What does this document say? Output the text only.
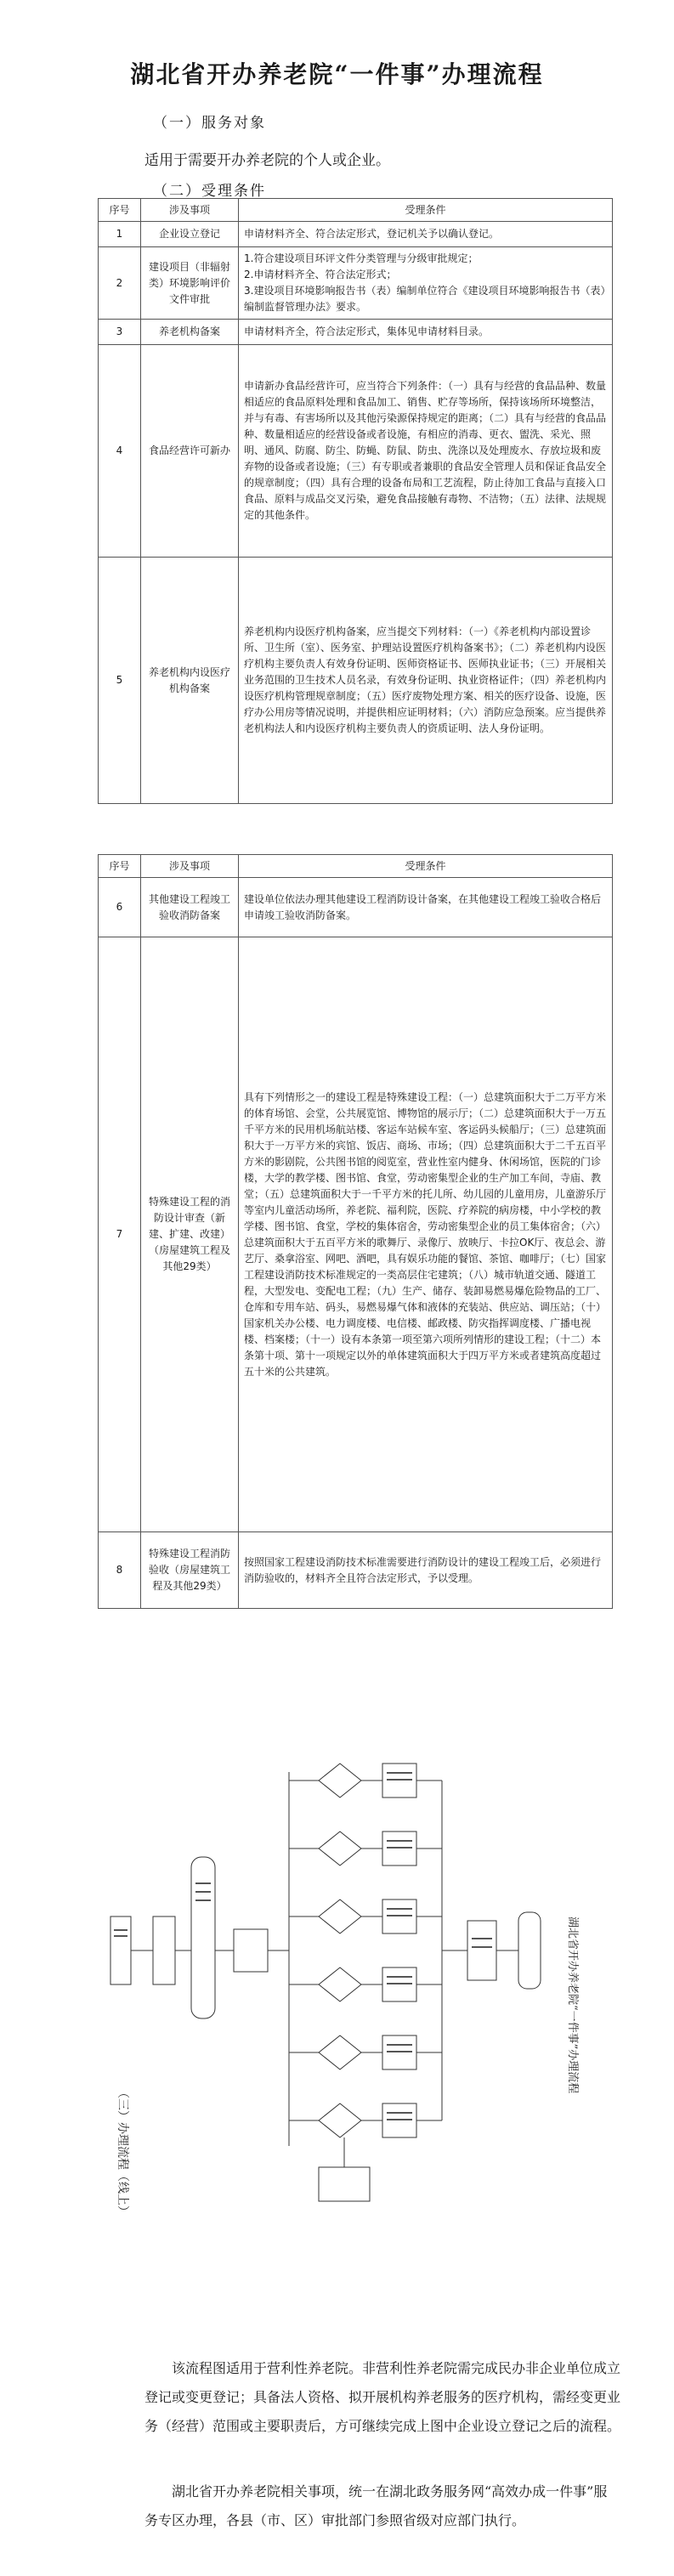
湖北省开办养老院“一件事”办理流程
（一）服务对象
适用于需要开办养老院的个人或企业。
（二）受理条件
序号	涉及事项	受理条件
1	企业设立登记	申请材料齐全、符合法定形式，登记机关予以确认登记。
2	建设项目（非辐射类）环境影响评价文件审批	1.符合建设项目环评文件分类管理与分级审批规定；
2.申请材料齐全、符合法定形式；
3.建设项目环境影响报告书（表）编制单位符合《建设项目环境影响报告书（表）编制监督管理办法》要求。
3	养老机构备案	申请材料齐全，符合法定形式，集体见申请材料目录。
4	食品经营许可新办	申请新办食品经营许可，应当符合下列条件：（一）具有与经营的食品品种、数量相适应的食品原料处理和食品加工、销售、贮存等场所，保持该场所环境整洁，并与有毒、有害场所以及其他污染源保持规定的距离；（二）具有与经营的食品品种、数量相适应的经营设备或者设施，有相应的消毒、更衣、盥洗、采光、照明、通风、防腐、防尘、防蝇、防鼠、防虫、洗涤以及处理废水、存放垃圾和废弃物的设备或者设施；（三）有专职或者兼职的食品安全管理人员和保证食品安全的规章制度；（四）具有合理的设备布局和工艺流程，防止待加工食品与直接入口食品、原料与成品交叉污染，避免食品接触有毒物、不洁物；（五）法律、法规规定的其他条件。
5	养老机构内设医疗机构备案	养老机构内设医疗机构备案，应当提交下列材料：（一）《养老机构内部设置诊所、卫生所（室）、医务室、护理站设置医疗机构备案书》；（二）养老机构内设医疗机构主要负责人有效身份证明、医师资格证书、医师执业证书；（三）开展相关业务范围的卫生技术人员名录，有效身份证明、执业资格证件；（四）养老机构内设医疗机构管理规章制度；（五）医疗废物处理方案、相关的医疗设备、设施，医疗办公用房等情况说明，并提供相应证明材料；（六）消防应急预案。应当提供养老机构法人和内设医疗机构主要负责人的资质证明、法人身份证明。
序号	涉及事项	受理条件
6	其他建设工程竣工验收消防备案	建设单位依法办理其他建设工程消防设计备案，在其他建设工程竣工验收合格后申请竣工验收消防备案。
7	特殊建设工程的消防设计审查（新建、扩建、改建）（房屋建筑工程及其他29类）	具有下列情形之一的建设工程是特殊建设工程：（一）总建筑面积大于二万平方米的体育场馆、会堂，公共展览馆、博物馆的展示厅；（二）总建筑面积大于一万五千平方米的民用机场航站楼、客运车站候车室、客运码头候船厅；（三）总建筑面积大于一万平方米的宾馆、饭店、商场、市场；（四）总建筑面积大于二千五百平方米的影剧院，公共图书馆的阅览室，营业性室内健身、休闲场馆，医院的门诊楼，大学的教学楼、图书馆、食堂，劳动密集型企业的生产加工车间，寺庙、教堂；（五）总建筑面积大于一千平方米的托儿所、幼儿园的儿童用房，儿童游乐厅等室内儿童活动场所，养老院、福利院，医院、疗养院的病房楼，中小学校的教学楼、图书馆、食堂，学校的集体宿舍，劳动密集型企业的员工集体宿舍；（六）总建筑面积大于五百平方米的歌舞厅、录像厅、放映厅、卡拉OK厅、夜总会、游艺厅、桑拿浴室、网吧、酒吧，具有娱乐功能的餐馆、茶馆、咖啡厅；（七）国家工程建设消防技术标准规定的一类高层住宅建筑；（八）城市轨道交通、隧道工程，大型发电、变配电工程；（九）生产、储存、装卸易燃易爆危险物品的工厂、仓库和专用车站、码头，易燃易爆气体和液体的充装站、供应站、调压站；（十）国家机关办公楼、电力调度楼、电信楼、邮政楼、防灾指挥调度楼、广播电视楼、档案楼；（十一）设有本条第一项至第六项所列情形的建设工程；（十二）本条第十项、第十一项规定以外的单体建筑面积大于四万平方米或者建筑高度超过五十米的公共建筑。
8	特殊建设工程消防验收（房屋建筑工程及其他29类）	按照国家工程建设消防技术标准需要进行消防设计的建设工程竣工后，必须进行消防验收的，材料齐全且符合法定形式，予以受理。
（三）办理流程（线上）
湖北省开办养老院“一件事”办理流程
该流程图适用于营利性养老院。非营利性养老院需完成民办非企业单位成立登记或变更登记；具备法人资格、拟开展机构养老服务的医疗机构，需经变更业务（经营）范围或主要职责后，方可继续完成上图中企业设立登记之后的流程。
湖北省开办养老院相关事项，统一在湖北政务服务网“高效办成一件事”服务专区办理，各县（市、区）审批部门参照省级对应部门执行。
